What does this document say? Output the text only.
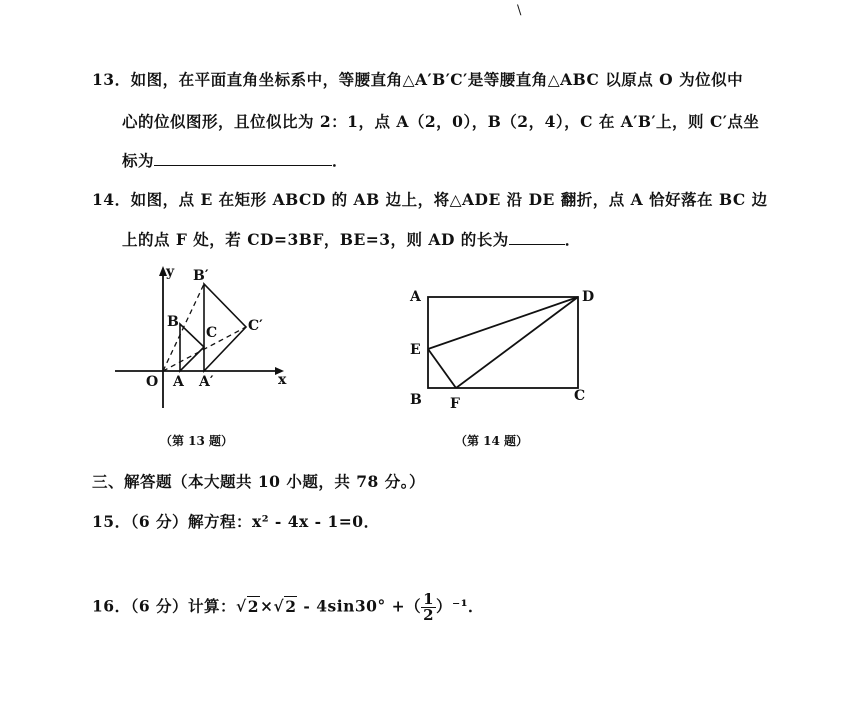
\
13．如图，在平面直角坐标系中，等腰直角△A′B′C′是等腰直角△ABC 以原点 O 为位似中
心的位似图形，且位似比为 2：1，点 A（2，0），B（2，4），C 在 A′B′上，则 C′点坐
标为	．
14．如图，点 E 在矩形 ABCD 的 AB 边上，将△ADE 沿 DE 翻折，点 A 恰好落在 BC 边
上的点 F 处，若 CD=3BF，BE=3，则 AD 的长为	．
y
x
O A A′
B
B′
C C′
（第 13 题）
A	D
E
B F	C
（第 14 题）
三、解答题（本大题共 10 小题，共 78 分。）
15．（6 分）解方程：x² - 4x - 1=0．
16．（6 分）计算：√2×√2 - 4sin30° +（ $\frac{1}{2} )^{-1}$．
